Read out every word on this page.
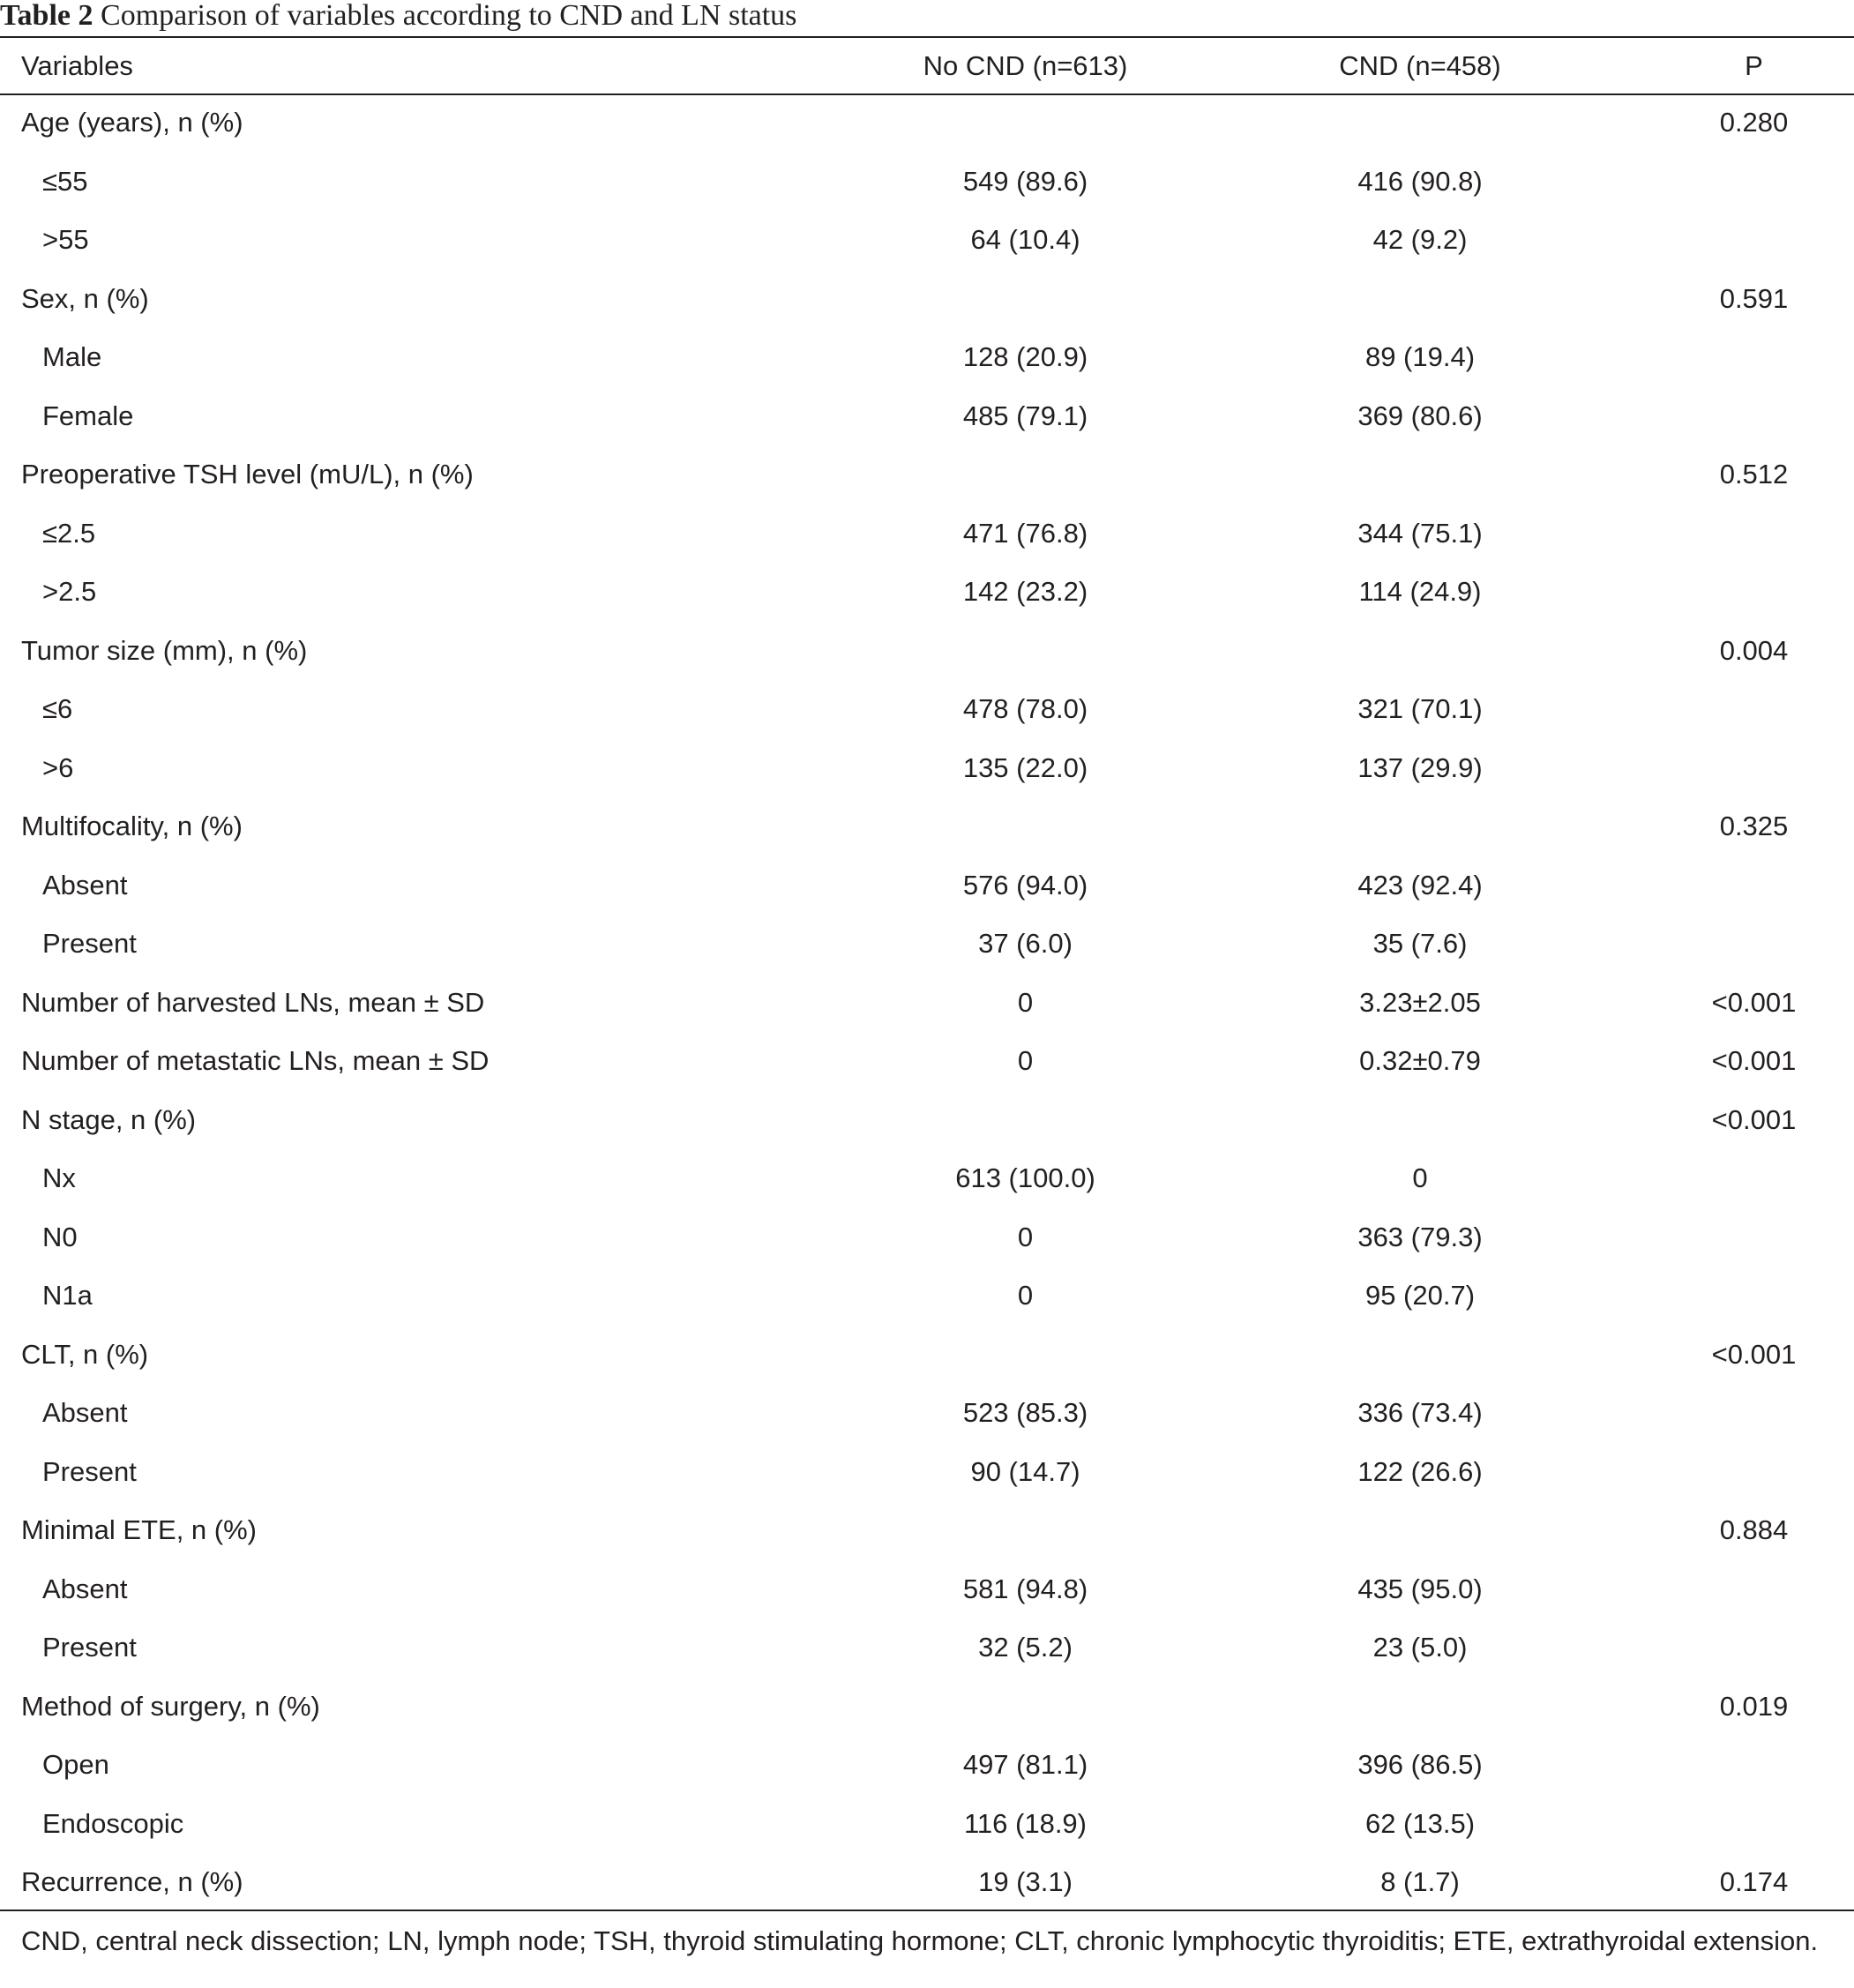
Table 2 Comparison of variables according to CND and LN status
Variables	No CND (n=613)	CND (n=458)	P
Age (years), n (%)			0.280
≤55	549 (89.6)	416 (90.8)	
>55	64 (10.4)	42 (9.2)	
Sex, n (%)			0.591
Male	128 (20.9)	89 (19.4)	
Female	485 (79.1)	369 (80.6)	
Preoperative TSH level (mU/L), n (%)			0.512
≤2.5	471 (76.8)	344 (75.1)	
>2.5	142 (23.2)	114 (24.9)	
Tumor size (mm), n (%)			0.004
≤6	478 (78.0)	321 (70.1)	
>6	135 (22.0)	137 (29.9)	
Multifocality, n (%)			0.325
Absent	576 (94.0)	423 (92.4)	
Present	37 (6.0)	35 (7.6)	
Number of harvested LNs, mean ± SD	0	3.23±2.05	<0.001
Number of metastatic LNs, mean ± SD	0	0.32±0.79	<0.001
N stage, n (%)			<0.001
Nx	613 (100.0)	0	
N0	0	363 (79.3)	
N1a	0	95 (20.7)	
CLT, n (%)			<0.001
Absent	523 (85.3)	336 (73.4)	
Present	90 (14.7)	122 (26.6)	
Minimal ETE, n (%)			0.884
Absent	581 (94.8)	435 (95.0)	
Present	32 (5.2)	23 (5.0)	
Method of surgery, n (%)			0.019
Open	497 (81.1)	396 (86.5)	
Endoscopic	116 (18.9)	62 (13.5)	
Recurrence, n (%)	19 (3.1)	8 (1.7)	0.174
CND, central neck dissection; LN, lymph node; TSH, thyroid stimulating hormone; CLT, chronic lymphocytic thyroiditis; ETE, extrathyroidal extension.
